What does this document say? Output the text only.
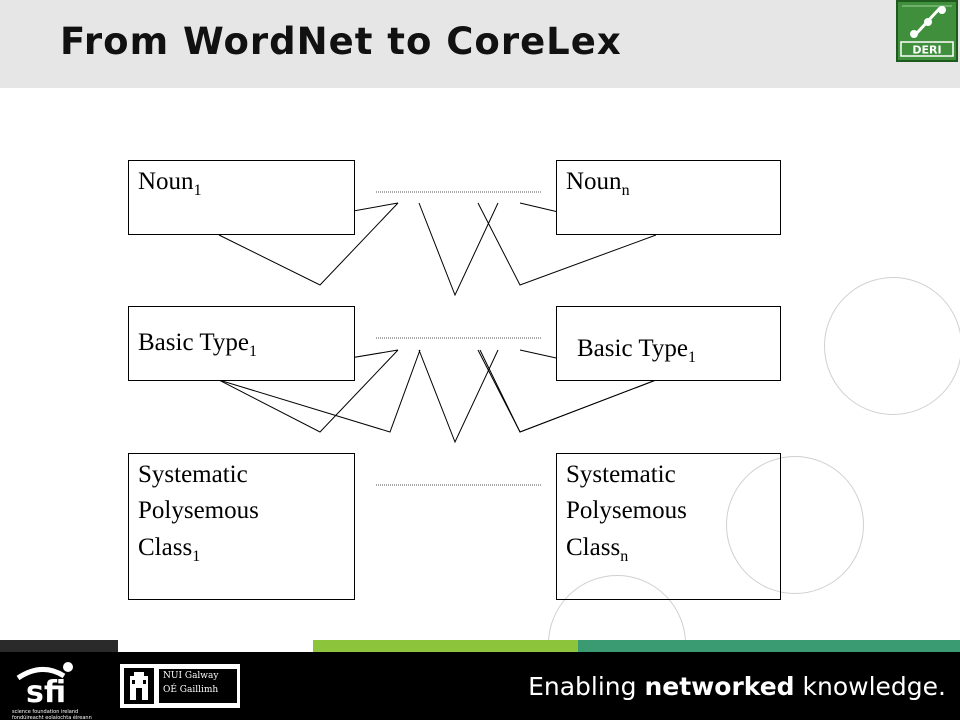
From WordNet to CoreLex	DERI
Noun$_1$	Noun$_n$
Basic Type$_1$	Basic Type$_1$
Systematic
Polysemous
Class$_1$
Systematic
Polysemous
Class$_n$
sfi
science foundation ireland
fondúireacht eolaíochta éireann
NUI Galway
OÉ Gaillimh	Enabling networked knowledge.
